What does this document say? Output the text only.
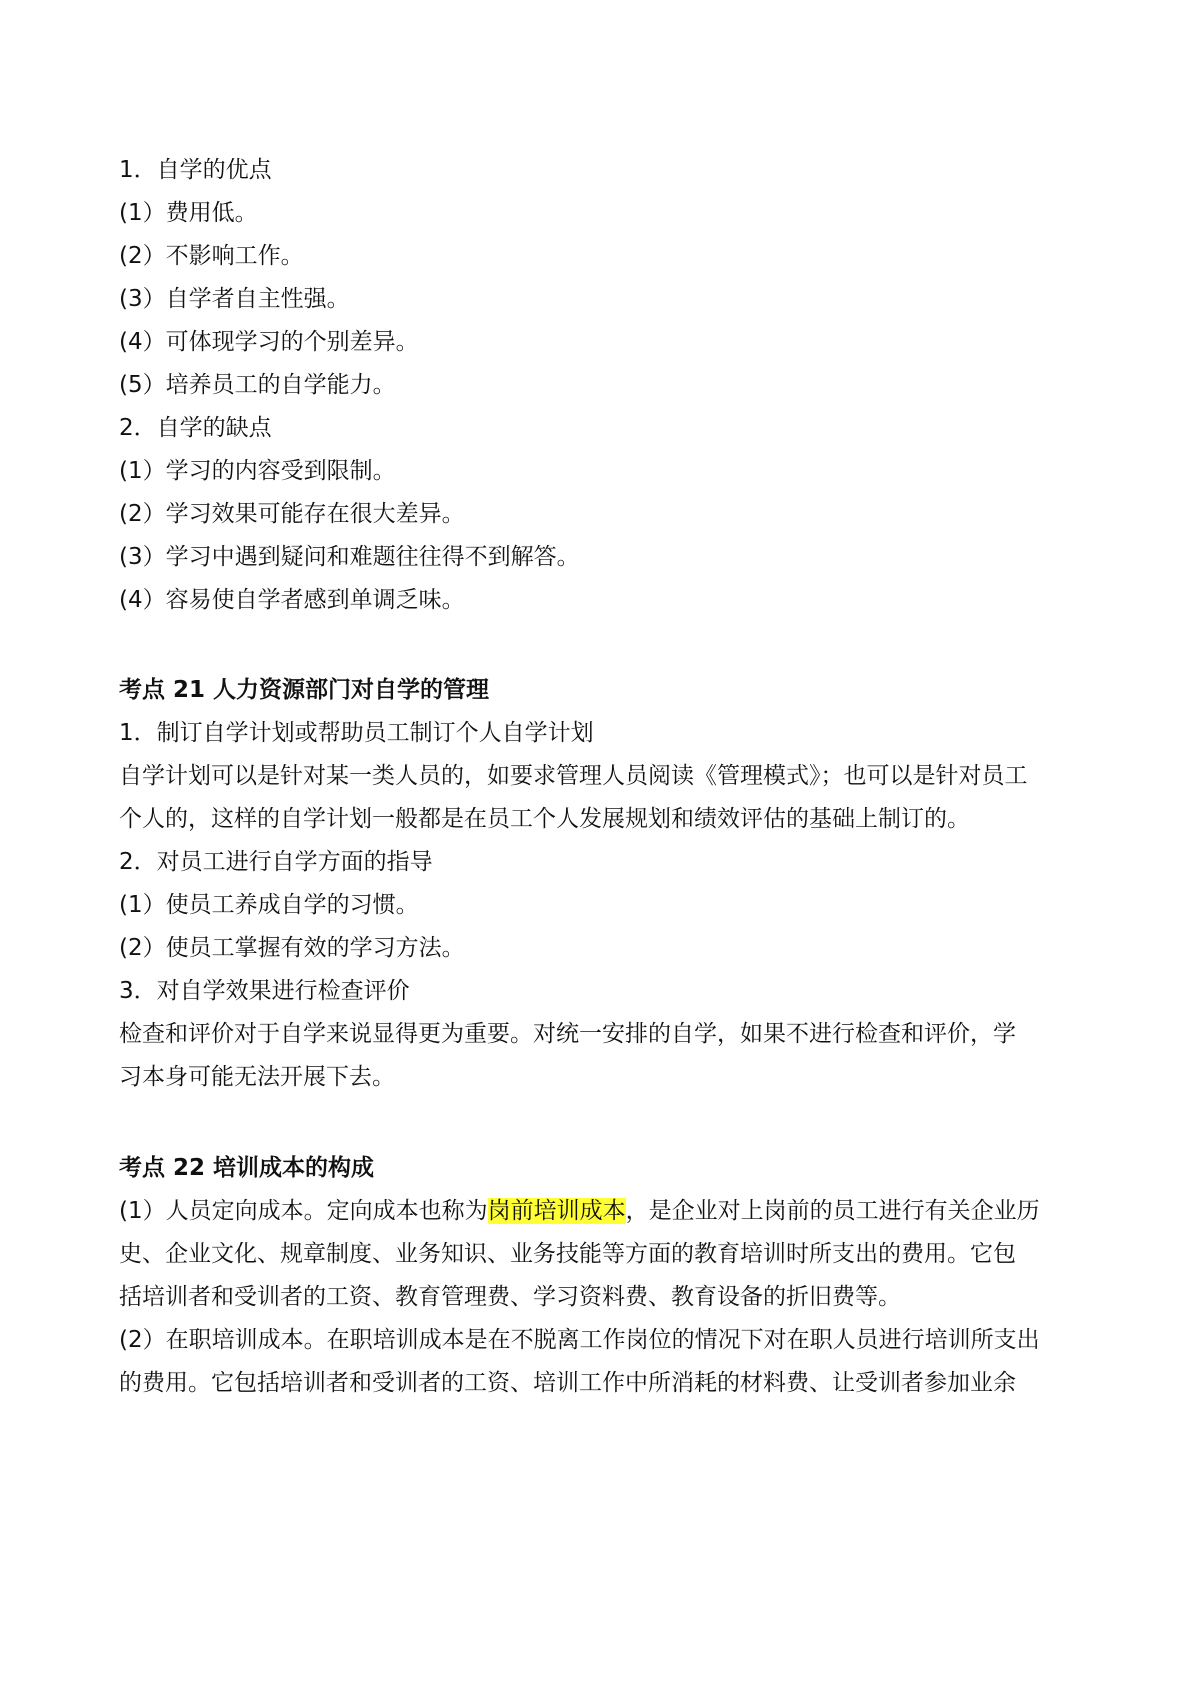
1．自学的优点
(1）费用低。
(2）不影响工作。
(3）自学者自主性强。
(4）可体现学习的个别差异。
(5）培养员工的自学能力。
2．自学的缺点
(1）学习的内容受到限制。
(2）学习效果可能存在很大差异。
(3）学习中遇到疑问和难题往往得不到解答。
(4）容易使自学者感到单调乏味。
考点 21 人力资源部门对自学的管理
1．制订自学计划或帮助员工制订个人自学计划
自学计划可以是针对某一类人员的，如要求管理人员阅读《管理模式》；也可以是针对员工
个人的，这样的自学计划一般都是在员工个人发展规划和绩效评估的基础上制订的。
2．对员工进行自学方面的指导
(1）使员工养成自学的习惯。
(2）使员工掌握有效的学习方法。
3．对自学效果进行检查评价
检查和评价对于自学来说显得更为重要。对统一安排的自学，如果不进行检查和评价，学
习本身可能无法开展下去。
考点 22 培训成本的构成
(1）人员定向成本。定向成本也称为岗前培训成本，是企业对上岗前的员工进行有关企业历
史、企业文化、规章制度、业务知识、业务技能等方面的教育培训时所支出的费用。它包
括培训者和受训者的工资、教育管理费、学习资料费、教育设备的折旧费等。
(2）在职培训成本。在职培训成本是在不脱离工作岗位的情况下对在职人员进行培训所支出
的费用。它包括培训者和受训者的工资、培训工作中所消耗的材料费、让受训者参加业余
